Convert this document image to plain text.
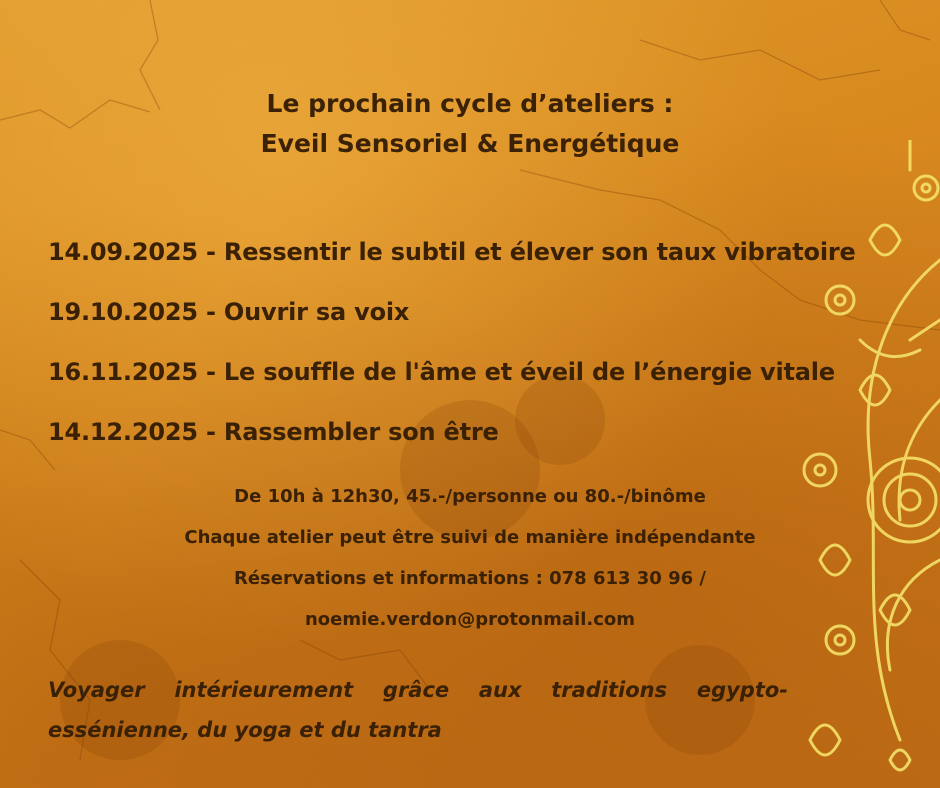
Le prochain cycle d’ateliers :
Eveil Sensoriel & Energétique
14.09.2025 - Ressentir le subtil et élever son taux vibratoire
19.10.2025 - Ouvrir sa voix
16.11.2025 - Le souffle de l'âme et éveil de l’énergie vitale
14.12.2025 - Rassembler son être
De 10h à 12h30, 45.-/personne ou 80.-/binôme
Chaque atelier peut être suivi de manière indépendante
Réservations et informations : 078 613 30 96 /
noemie.verdon@protonmail.com
Voyager intérieurement grâce aux traditions egypto-essénienne, du yoga et du tantra
